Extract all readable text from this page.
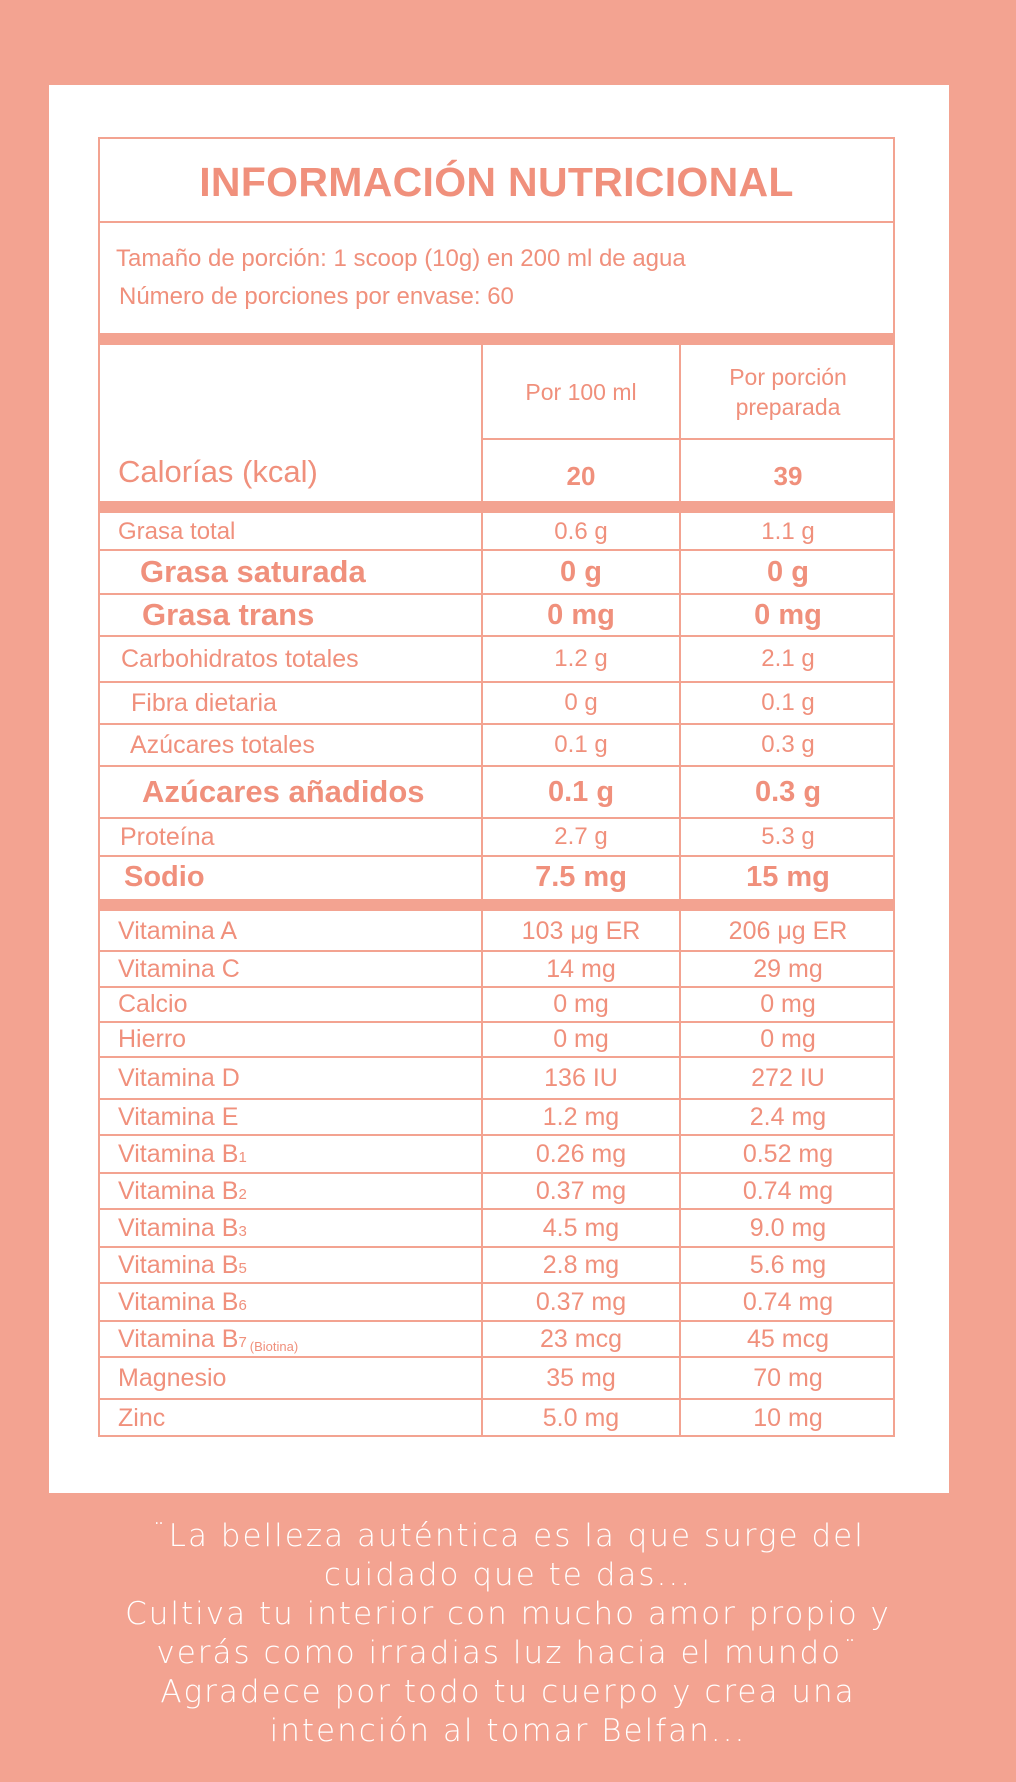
INFORMACIÓN NUTRICIONAL
Tamaño de porción: 1 scoop (10g) en 200 ml de agua
Número de porciones por envase: 60
Por 100 ml
Por porción
preparada
Calorías (kcal)	20	39
Grasa total	0.6 g	1.1 g
Grasa saturada	0 g	0 g
Grasa trans	0 mg	0 mg
Carbohidratos totales	1.2 g	2.1 g
Fibra dietaria	0 g	0.1 g
Azúcares totales	0.1 g	0.3 g
Azúcares añadidos	0.1 g	0.3 g
Proteína	2.7 g	5.3 g
Sodio	7.5 mg	15 mg
Vitamina A	103 μg ER	206 μg ER
Vitamina C	14 mg	29 mg
Calcio	0 mg	0 mg
Hierro	0 mg	0 mg
Vitamina D	136 IU	272 IU
Vitamina E	1.2 mg	2.4 mg
Vitamina B 1	0.26 mg	0.52 mg
Vitamina B 2	0.37 mg	0.74 mg
Vitamina B 3	4.5 mg	9.0 mg
Vitamina B 5	2.8 mg	5.6 mg
Vitamina B 6	0.37 mg	0.74 mg
Vitamina B 7 (Biotina)	23 mcg	45 mcg
Magnesio	35 mg	70 mg
Zinc	5.0 mg	10 mg
¨La belleza auténtica es la que surge del
cuidado que te das...
Cultiva tu interior con mucho amor propio y
verás como irradias luz hacia el mundo¨
Agradece por todo tu cuerpo y crea una
intención al tomar Belfan...
